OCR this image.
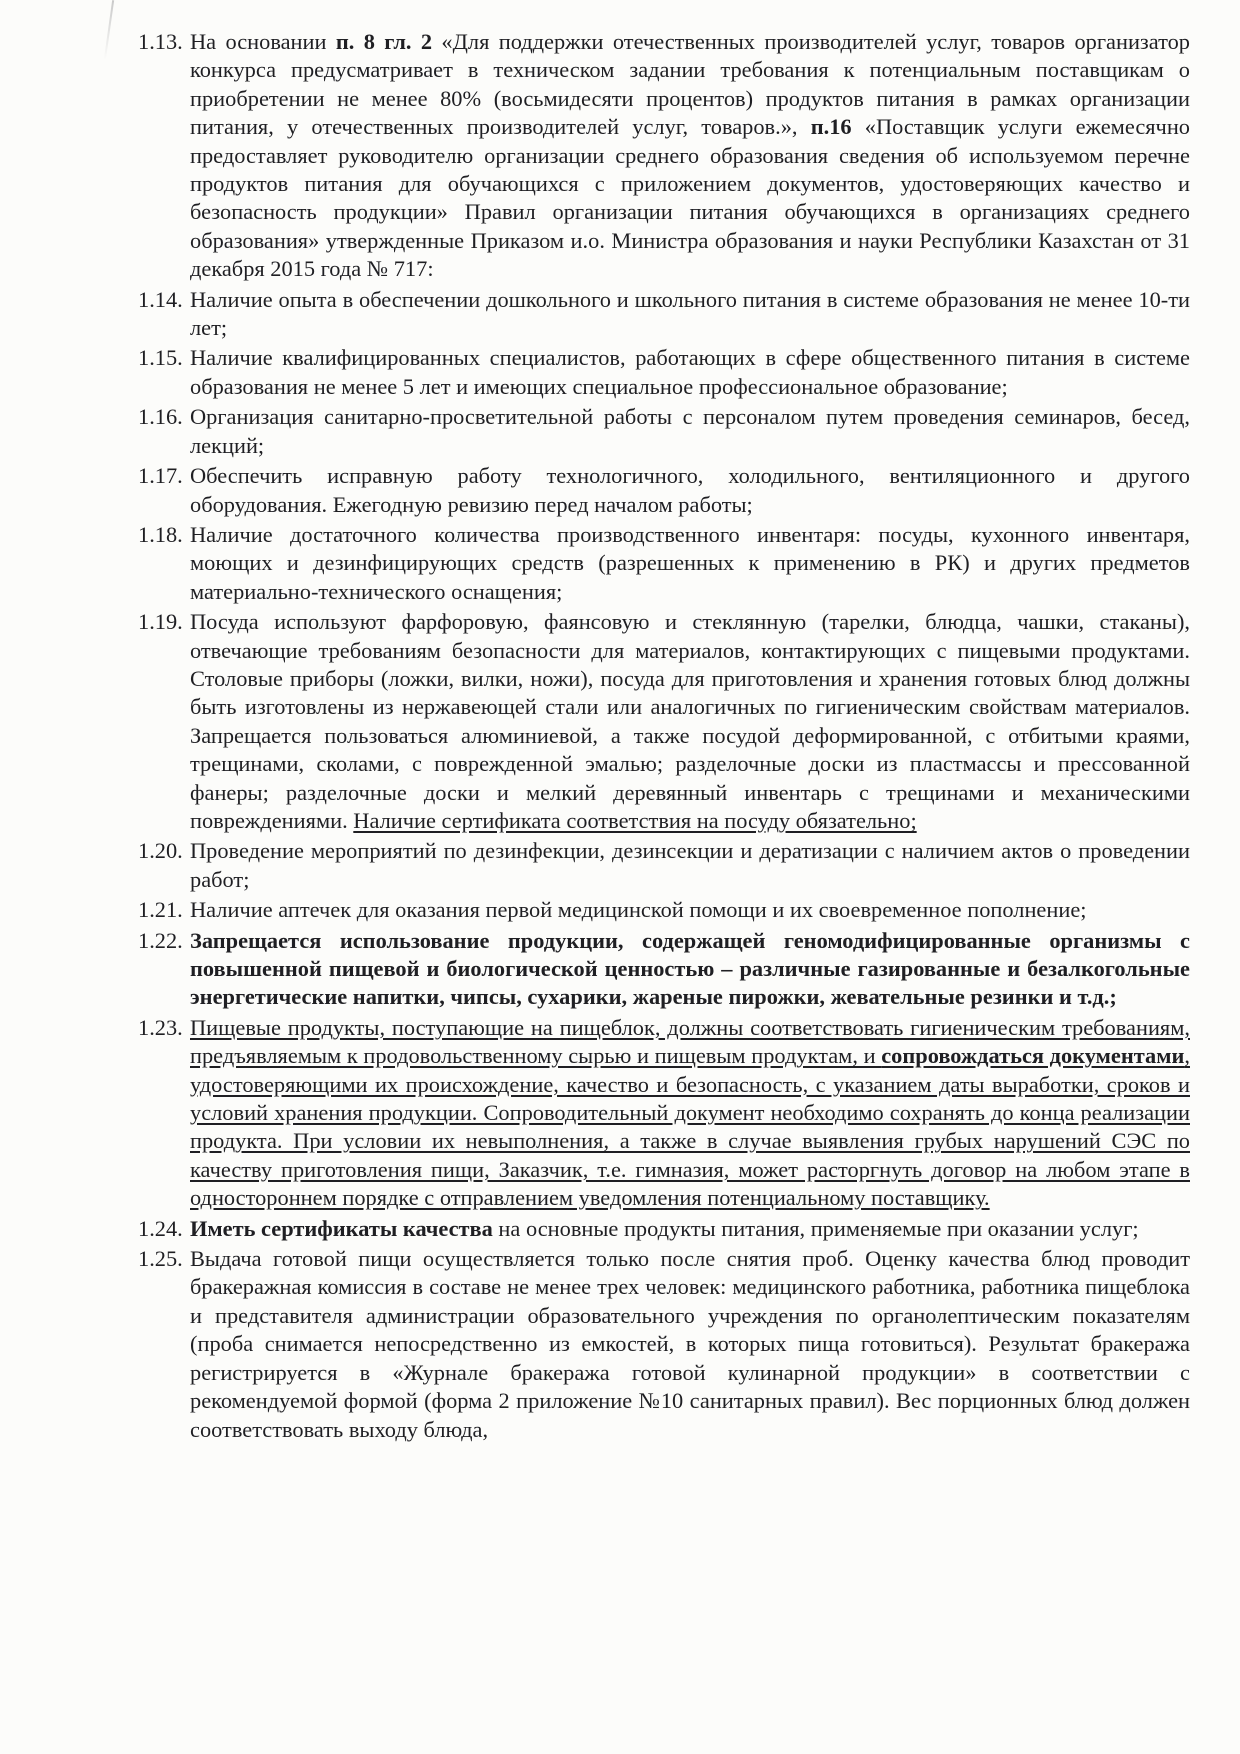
1.13. На основании п. 8 гл. 2 «Для поддержки отечественных производителей услуг, товаров организатор конкурса предусматривает в техническом задании требования к потенциальным поставщикам о приобретении не менее 80% (восьмидесяти процентов) продуктов питания в рамках организации питания, у отечественных производителей услуг, товаров.», п.16 «Поставщик услуги ежемесячно предоставляет руководителю организации среднего образования сведения об используемом перечне продуктов питания для обучающихся с приложением документов, удостоверяющих качество и безопасность продукции» Правил организации питания обучающихся в организациях среднего образования» утвержденные Приказом и.о. Министра образования и науки Республики Казахстан от 31 декабря 2015 года № 717:
1.14. Наличие опыта в обеспечении дошкольного и школьного питания в системе образования не менее 10-ти лет;
1.15. Наличие квалифицированных специалистов, работающих в сфере общественного питания в системе образования не менее 5 лет и имеющих специальное профессиональное образование;
1.16. Организация санитарно-просветительной работы с персоналом путем проведения семинаров, бесед, лекций;
1.17. Обеспечить исправную работу технологичного, холодильного, вентиляционного и другого оборудования. Ежегодную ревизию перед началом работы;
1.18. Наличие достаточного количества производственного инвентаря: посуды, кухонного инвентаря, моющих и дезинфицирующих средств (разрешенных к применению в РК) и других предметов материально-технического оснащения;
1.19. Посуда используют фарфоровую, фаянсовую и стеклянную (тарелки, блюдца, чашки, стаканы), отвечающие требованиям безопасности для материалов, контактирующих с пищевыми продуктами. Столовые приборы (ложки, вилки, ножи), посуда для приготовления и хранения готовых блюд должны быть изготовлены из нержавеющей стали или аналогичных по гигиеническим свойствам материалов. Запрещается пользоваться алюминиевой, а также посудой деформированной, с отбитыми краями, трещинами, сколами, с поврежденной эмалью; разделочные доски из пластмассы и прессованной фанеры; разделочные доски и мелкий деревянный инвентарь с трещинами и механическими повреждениями. Наличие сертификата соответствия на посуду обязательно;
1.20. Проведение мероприятий по дезинфекции, дезинсекции и дератизации с наличием актов о проведении работ;
1.21. Наличие аптечек для оказания первой медицинской помощи и их своевременное пополнение;
1.22. Запрещается использование продукции, содержащей геномодифицированные организмы с повышенной пищевой и биологической ценностью – различные газированные и безалкогольные энергетические напитки, чипсы, сухарики, жареные пирожки, жевательные резинки и т.д.;
1.23. Пищевые продукты, поступающие на пищеблок, должны соответствовать гигиеническим требованиям, предъявляемым к продовольственному сырью и пищевым продуктам, и сопровождаться документами, удостоверяющими их происхождение, качество и безопасность, с указанием даты выработки, сроков и условий хранения продукции. Сопроводительный документ необходимо сохранять до конца реализации продукта. При условии их невыполнения, а также в случае выявления грубых нарушений СЭС по качеству приготовления пищи, Заказчик, т.е. гимназия, может расторгнуть договор на любом этапе в одностороннем порядке с отправлением уведомления потенциальному поставщику.
1.24. Иметь сертификаты качества на основные продукты питания, применяемые при оказании услуг;
1.25. Выдача готовой пищи осуществляется только после снятия проб. Оценку качества блюд проводит бракеражная комиссия в составе не менее трех человек: медицинского работника, работника пищеблока и представителя администрации образовательного учреждения по органолептическим показателям (проба снимается непосредственно из емкостей, в которых пища готовиться). Результат бракеража регистрируется в «Журнале бракеража готовой кулинарной продукции» в соответствии с рекомендуемой формой (форма 2 приложение №10 санитарных правил). Вес порционных блюд должен соответствовать выходу блюда,
